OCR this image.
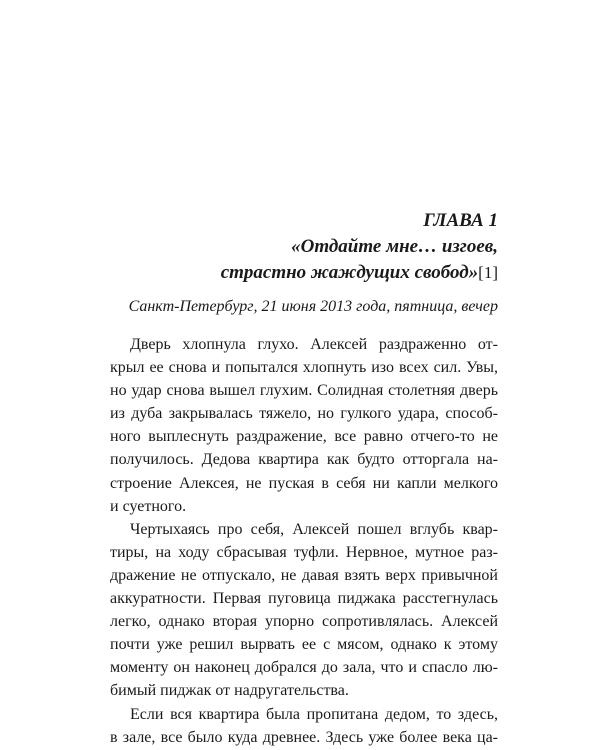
ГЛАВА 1
«Отдайте мне… изгоев,
страстно жаждущих свобод»[1]
Санкт-Петербург, 21 июня 2013 года, пятница, вечер
Дверь хлопнула глухо. Алексей раздраженно от-
крыл ее снова и попытался хлопнуть изо всех сил. Увы,
но удар снова вышел глухим. Солидная столетняя дверь
из дуба закрывалась тяжело, но гулкого удара, способ-
ного выплеснуть раздражение, все равно отчего-то не
получилось. Дедова квартира как будто отторгала на-
строение Алексея, не пуская в себя ни капли мелкого
и суетного.
Чертыхаясь про себя, Алексей пошел вглубь квар-
тиры, на ходу сбрасывая туфли. Нервное, мутное раз-
дражение не отпускало, не давая взять верх привычной
аккуратности. Первая пуговица пиджака расстегнулась
легко, однако вторая упорно сопротивлялась. Алексей
почти уже решил вырвать ее с мясом, однако к этому
моменту он наконец добрался до зала, что и спасло лю-
бимый пиджак от надругательства.
Если вся квартира была пропитана дедом, то здесь,
в зале, все было куда древнее. Здесь уже более века ца-
